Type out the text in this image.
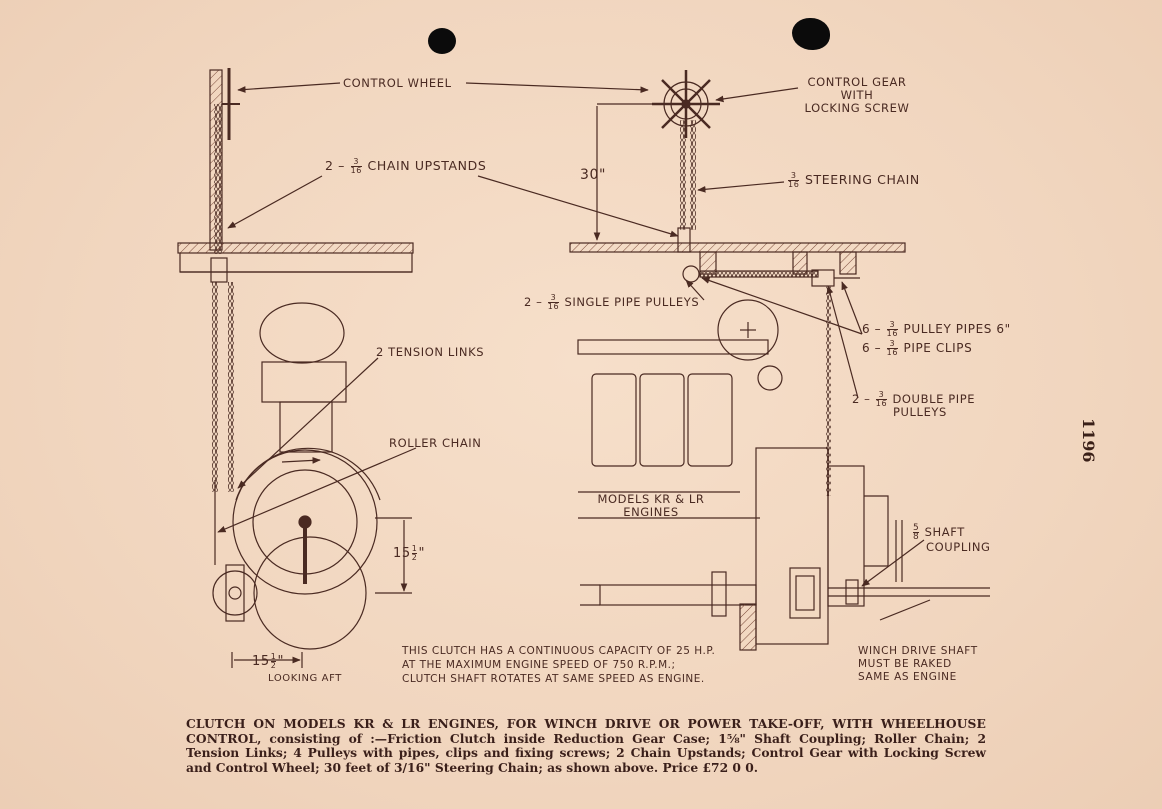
CONTROL WHEEL	CONTROL GEAR
WITH
LOCKING SCREW
$2 - \frac{3}{16}$ CHAIN UPSTANDS
30"	$\frac{3}{16}$ STEERING CHAIN
$2 - \frac{3}{16}$ SINGLE PIPE PULLEYS
$6 - \frac{3}{16}$ PULLEY PIPES 6"
$6 - \frac{3}{16}$ PIPE CLIPS
$2 - \frac{3}{16}$ DOUBLE PIPE
PULLEYS
2 TENSION LINKS
ROLLER CHAIN
MODELS KR & LR
ENGINES
$\frac{5}{8}$ SHAFT
COUPLING
$15 \frac{1}{2}$ "
$15 \frac{1}{2}$ "
LOOKING AFT
WINCH DRIVE SHAFT
MUST BE RAKED
SAME AS ENGINE
THIS CLUTCH HAS A CONTINUOUS CAPACITY OF 25 H.P.
AT THE MAXIMUM ENGINE SPEED OF 750 R.P.M.;
CLUTCH SHAFT ROTATES AT SAME SPEED AS ENGINE.
1196
CLUTCH ON MODELS KR & LR ENGINES, FOR WINCH DRIVE OR POWER TAKE-OFF, WITH WHEELHOUSE CONTROL, consisting of :—Friction Clutch inside Reduction Gear Case; 1⅝" Shaft Coupling; Roller Chain; 2 Tension Links; 4 Pulleys with pipes, clips and fixing screws; 2 Chain Upstands; Control Gear with Locking Screw and Control Wheel; 30 feet of 3/16" Steering Chain; as shown above. Price £72 0 0.
